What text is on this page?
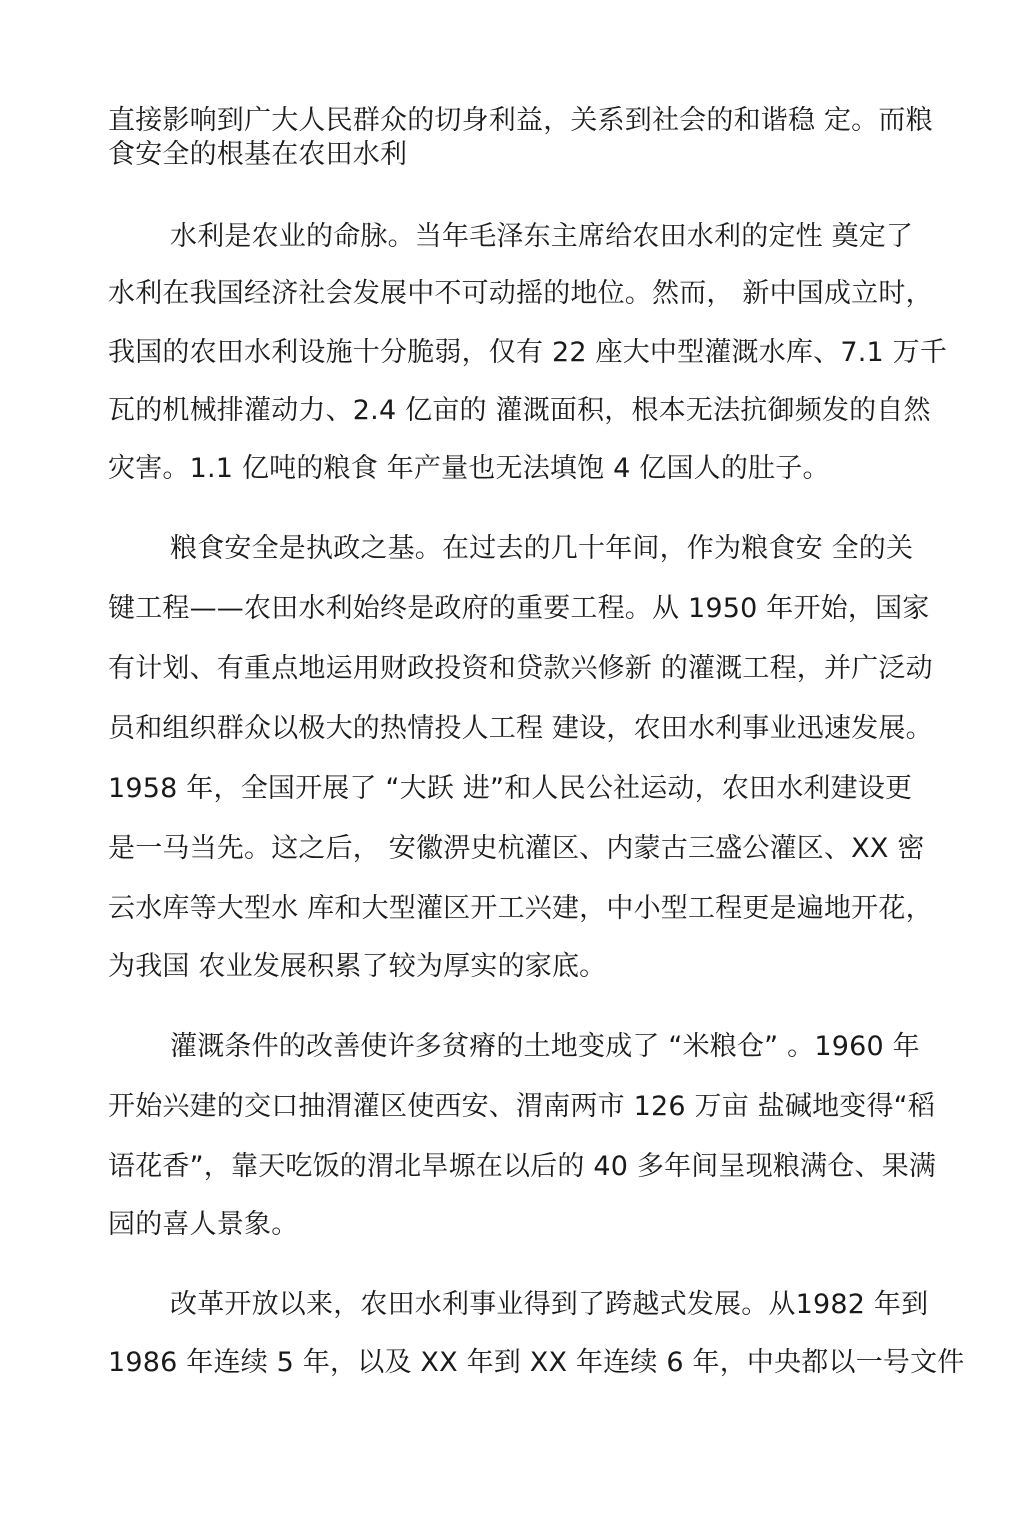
直接影响到广大人民群众的切身利益，关系到社会的和谐稳 定。而粮
食安全的根基在农田水利
水利是农业的命脉。当年毛泽东主席给农田水利的定性 奠定了
水利在我国经济社会发展中不可动摇的地位。然而， 新中国成立时，
我国的农田水利设施十分脆弱，仅有 22 座大中型灌溉水库、7.1 万千
瓦的机械排灌动力、2.4 亿亩的 灌溉面积，根本无法抗御频发的自然
灾害。1.1 亿吨的粮食 年产量也无法填饱 4 亿国人的肚子。
粮食安全是执政之基。在过去的几十年间，作为粮食安 全的关
键工程——农田水利始终是政府的重要工程。从 1950 年开始，国家
有计划、有重点地运用财政投资和贷款兴修新 的灌溉工程，并广泛动
员和组织群众以极大的热情投人工程 建设，农田水利事业迅速发展。
1958 年，全国开展了 “大跃 进”和人民公社运动，农田水利建设更
是一马当先。这之后， 安徽淠史杭灌区、内蒙古三盛公灌区、XX 密
云水库等大型水 库和大型灌区开工兴建，中小型工程更是遍地开花，
为我国 农业发展积累了较为厚实的家底。
灌溉条件的改善使许多贫瘠的土地变成了 “米粮仓” 。1960 年
开始兴建的交口抽渭灌区使西安、渭南两市 126 万亩 盐碱地变得“稻
语花香”，靠天吃饭的渭北旱塬在以后的 40 多年间呈现粮满仓、果满
园的喜人景象。
改革开放以来，农田水利事业得到了跨越式发展。从1982 年到
1986 年连续 5 年，以及 XX 年到 XX 年连续 6 年，中央都以一号文件
